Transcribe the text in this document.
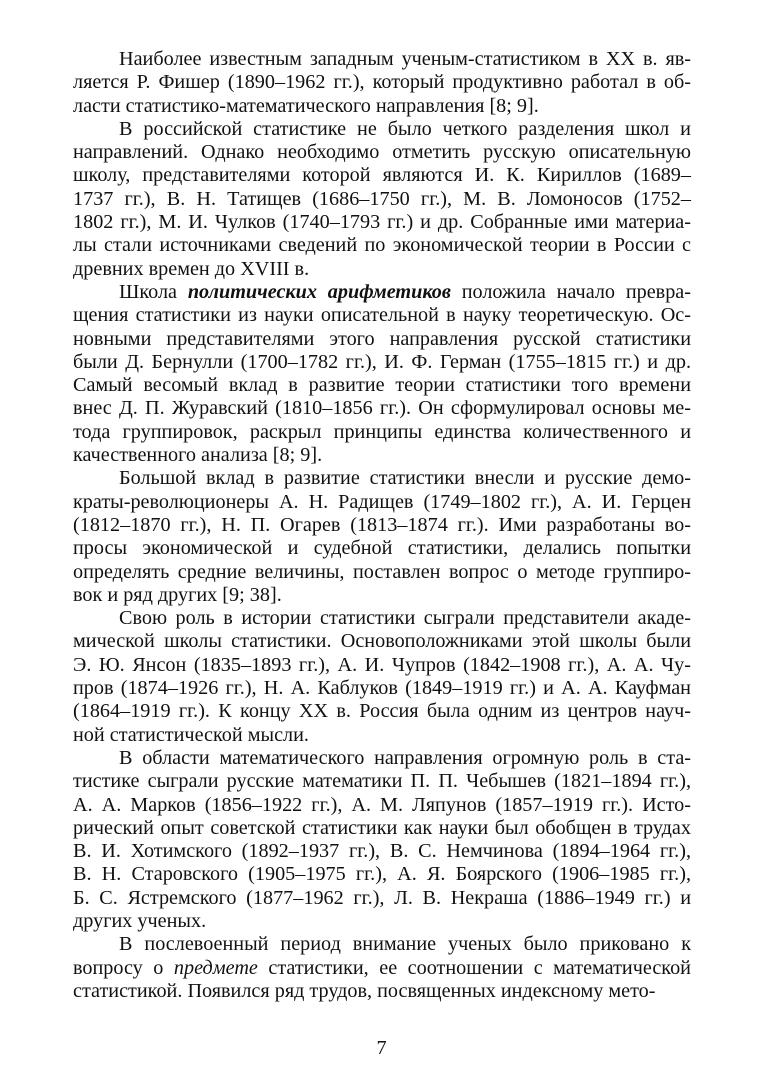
Наиболее известным западным ученым-статистиком в XX в. яв-
ляется Р. Фишер (1890–1962 гг.), который продуктивно работал в об-
ласти статистико-математического направления [8; 9].

В российской статистике не было четкого разделения школ и
направлений. Однако необходимо отметить русскую описательную
школу, представителями которой являются И. К. Кириллов (1689–
1737 гг.), В. Н. Татищев (1686–1750 гг.), М. В. Ломоносов (1752–
1802 гг.), М. И. Чулков (1740–1793 гг.) и др. Собранные ими материа-
лы стали источниками сведений по экономической теории в России с
древних времен до XVIII в.

Школа политических арифметиков положила начало превра-
щения статистики из науки описательной в науку теоретическую. Ос-
новными представителями этого направления русской статистики
были Д. Бернулли (1700–1782 гг.), И. Ф. Герман (1755–1815 гг.) и др.
Самый весомый вклад в развитие теории статистики того времени
внес Д. П. Журавский (1810–1856 гг.). Он сформулировал основы ме-
тода группировок, раскрыл принципы единства количественного и
качественного анализа [8; 9].

Большой вклад в развитие статистики внесли и русские демо-
краты-революционеры А. Н. Радищев (1749–1802 гг.), А. И. Герцен
(1812–1870 гг.), Н. П. Огарев (1813–1874 гг.). Ими разработаны во-
просы экономической и судебной статистики, делались попытки
определять средние величины, поставлен вопрос о методе группиро-
вок и ряд других [9; 38].

Свою роль в истории статистики сыграли представители акаде-
мической школы статистики. Основоположниками этой школы были
Э. Ю. Янсон (1835–1893 гг.), А. И. Чупров (1842–1908 гг.), А. А. Чу-
пров (1874–1926 гг.), Н. А. Каблуков (1849–1919 гг.) и А. А. Кауфман
(1864–1919 гг.). К концу XX в. Россия была одним из центров науч-
ной статистической мысли.

В области математического направления огромную роль в ста-
тистике сыграли русские математики П. П. Чебышев (1821–1894 гг.),
А. А. Марков (1856–1922 гг.), А. М. Ляпунов (1857–1919 гг.). Исто-
рический опыт советской статистики как науки был обобщен в трудах
В. И. Хотимского (1892–1937 гг.), В. С. Немчинова (1894–1964 гг.),
В. Н. Старовского (1905–1975 гг.), А. Я. Боярского (1906–1985 гг.),
Б. С. Ястремского (1877–1962 гг.), Л. В. Некраша (1886–1949 гг.) и
других ученых.

В послевоенный период внимание ученых было приковано к
вопросу о предмете статистики, ее соотношении с математической
статистикой. Появился ряд трудов, посвященных индексному мето-

7
